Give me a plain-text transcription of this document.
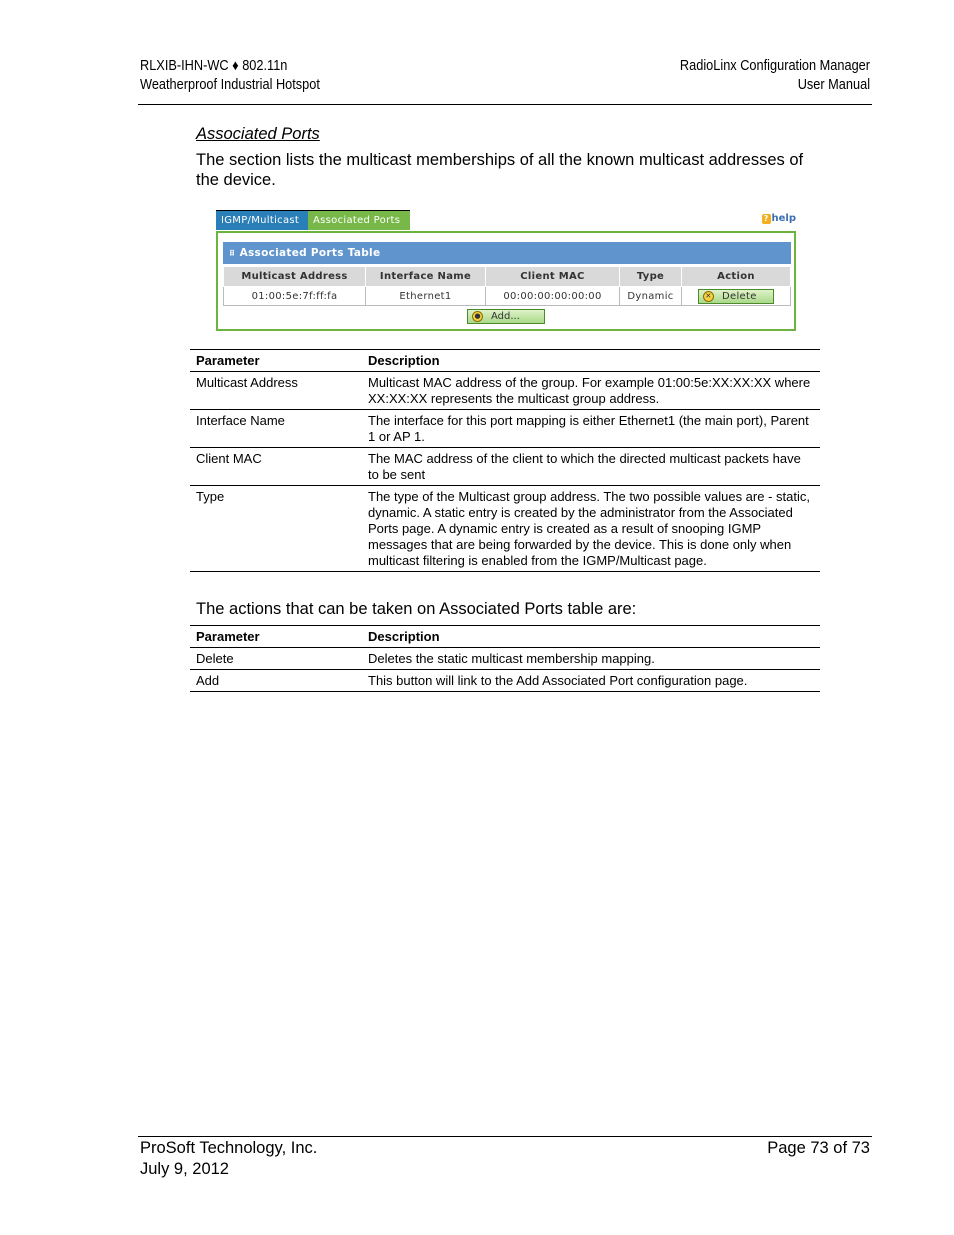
RLXIB-IHN-WC ♦ 802.11n
Weatherproof Industrial Hotspot
RadioLinx Configuration Manager
User Manual
Associated Ports
The section lists the multicast memberships of all the known multicast addresses of the device.
IGMP/Multicast	Associated Ports	? help
⠿ Associated Ports Table
Multicast Address	Interface Name	Client MAC	Type	Action
01:00:5e:7f:ff:fa	Ethernet1	00:00:00:00:00:00	Dynamic	✕ Delete
● Add...
Parameter	Description
Multicast Address	Multicast MAC address of the group. For example 01:00:5e:XX:XX:XX where XX:XX:XX represents the multicast group address.
Interface Name	The interface for this port mapping is either Ethernet1 (the main port), Parent 1 or AP 1.
Client MAC	The MAC address of the client to which the directed multicast packets have to be sent
Type	The type of the Multicast group address. The two possible values are - static, dynamic. A static entry is created by the administrator from the Associated Ports page. A dynamic entry is created as a result of snooping IGMP messages that are being forwarded by the device. This is done only when multicast filtering is enabled from the IGMP/Multicast page.
The actions that can be taken on Associated Ports table are:
Parameter	Description
Delete	Deletes the static multicast membership mapping.
Add	This button will link to the Add Associated Port configuration page.
ProSoft Technology, Inc.
July 9, 2012
Page 73 of 73
